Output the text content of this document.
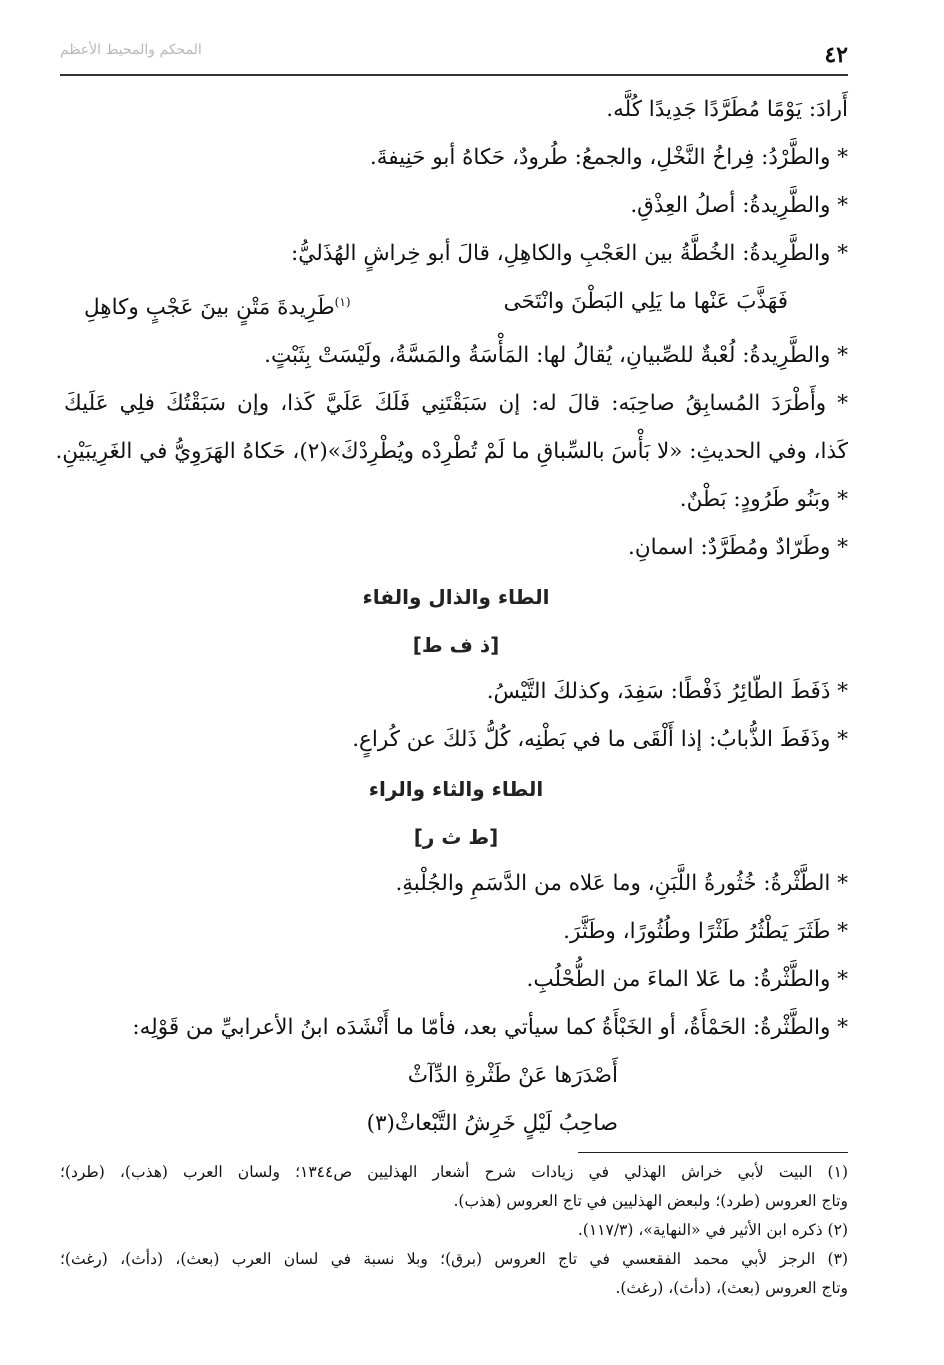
٤٢
المحكم والمحيط الأعظم
أَرادَ: يَوْمًا مُطَرَّدًا جَدِيدًا كُلَّه.
* والطَّرْدُ: فِراخُ النَّخْلِ، والجمعُ: طُرودٌ، حَكاهُ أبو حَنِيفةَ.
* والطَّرِيدةُ: أصلُ العِذْقِ.
* والطَّرِيدةُ: الخُطَّةُ بين العَجْبِ والكاهِلِ، قالَ أبو خِراشٍ الهُذَليُّ:
فَهَذَّبَ عَنْها ما يَلِي البَطْنَ وانْتَحَى
$^{(١)}$طَرِيدةَ مَتْنٍ بينَ عَجْبٍ وكاهِلِ
* والطَّرِيدةُ: لُعْبةٌ للصِّبيانِ، يُقالُ لها: المَأْسَةُ والمَسَّةُ، ولَيْسَتْ بِثَبْتٍ.
* وأَطْرَدَ المُسابِقُ صاحِبَه: قالَ له: إن سَبَقْتَنِي فَلَكَ عَلَيَّ كَذا، وإن سَبَقْتُكَ فلِي عَلَيكَ
كَذا، وفي الحديثِ: «لا بَأْسَ بالسِّباقِ ما لَمْ تُطْرِدْه ويُطْرِدْكَ»(٢)، حَكاهُ الهَرَوِيُّ في الغَرِيبَيْنِ.
* وبَنُو طَرُودٍ: بَطْنٌ.
* وطَرّادٌ ومُطَرَّدٌ: اسمانِ.
الطاء والذال والفاء
[ذ ف ط]
* ذَفَطَ الطّائِرُ ذَفْطًا: سَفِدَ، وكذلكَ التَّيْسُ.
* وذَفَطَ الذُّبابُ: إذا أَلْقَى ما في بَطْنِه، كُلُّ ذَلكَ عن كُراعٍ.
الطاء والثاء والراء
[ط ث ر]
* الطَّثْرةُ: خُثُورةُ اللَّبَنِ، وما عَلاه من الدَّسَمِ والجُلْبةِ.
* طَثَرَ يَطْثُرُ طَثْرًا وطُثُورًا، وطَثَّرَ.
* والطَّثْرةُ: ما عَلا الماءَ من الطُّحْلُبِ.
* والطَّثْرةُ: الحَمْأَةُ، أو الخَبْأَةُ كما سيأتي بعد، فأمّا ما أَنْشَدَه ابنُ الأعرابيِّ من قَوْلِه:
أَصْدَرَها عَنْ طَثْرةِ الدِّآثْ
صاحِبُ لَيْلٍ خَرِشُ التَّبْعاثْ(٣)
(١) البيت لأبي خراش الهذلي في زيادات شرح أشعار الهذليين ص١٣٤٤؛ ولسان العرب (هذب)، (طرد)؛
وتاج العروس (طرد)؛ ولبعض الهذليين في تاج العروس (هذب).
(٢) ذكره ابن الأثير في «النهاية»، (١١٧/٣).
(٣) الرجز لأبي محمد الفقعسي في تاج العروس (برق)؛ وبلا نسبة في لسان العرب (بعث)، (دأث)، (رغث)؛
وتاج العروس (بعث)، (دأث)، (رغث).
